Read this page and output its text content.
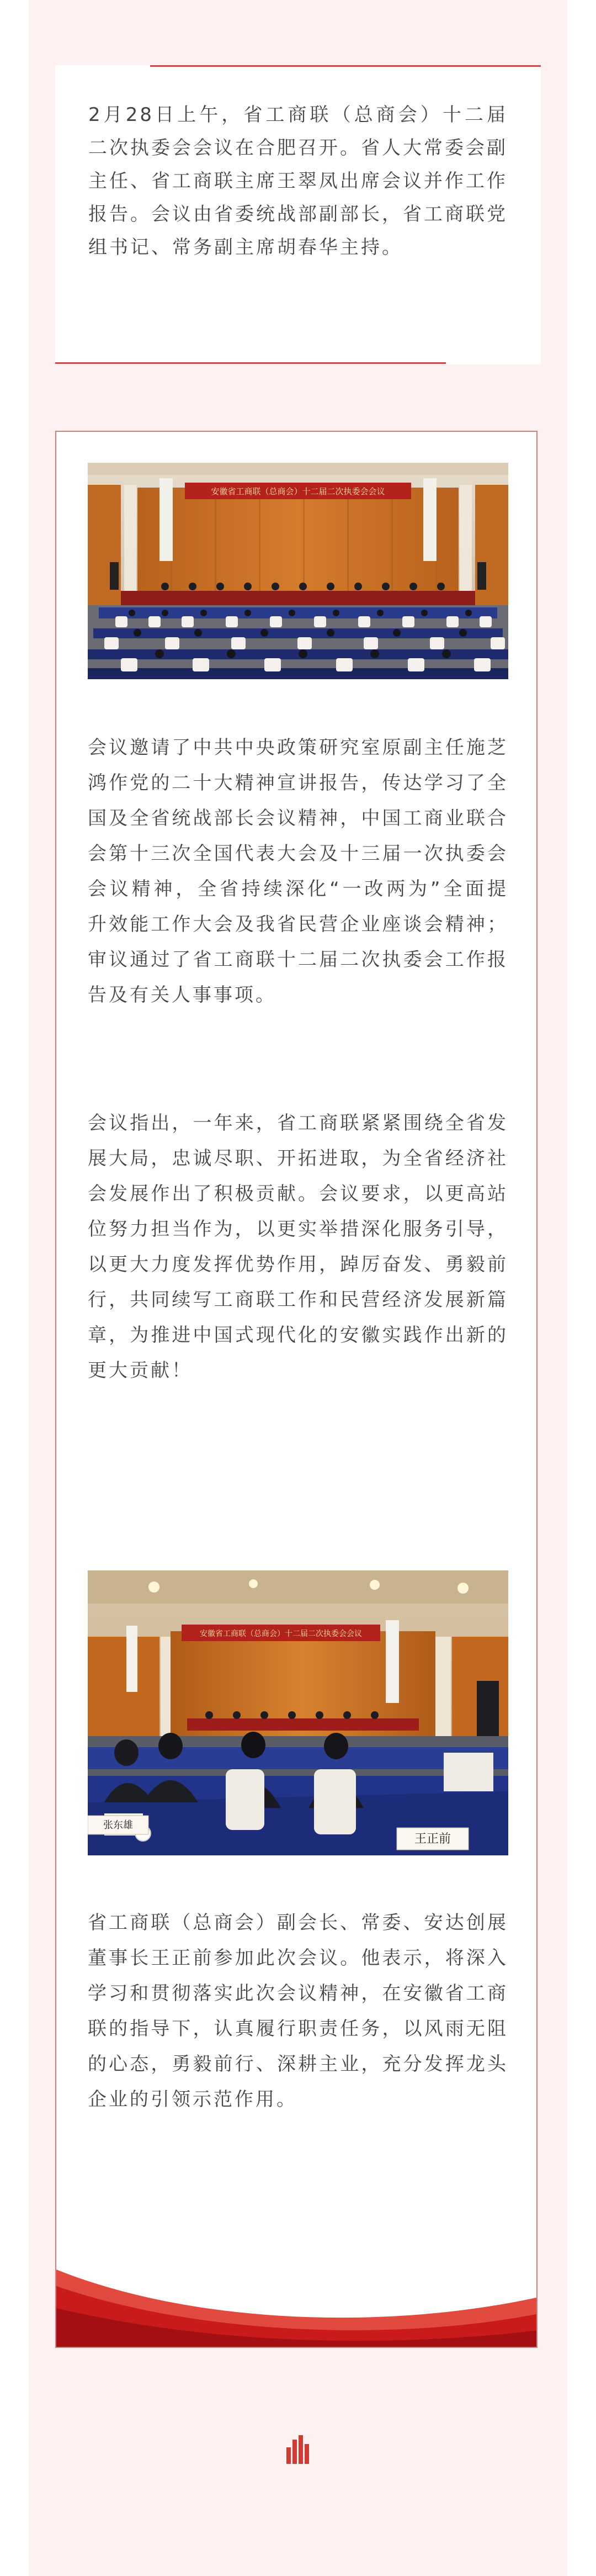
2月28日上午，省工商联（总商会）十二届二次执委会会议在合肥召开。省人大常委会副主任、省工商联主席王翠凤出席会议并作工作报告。会议由省委统战部副部长，省工商联党组书记、常务副主席胡春华主持。
安徽省工商联（总商会）十二届二次执委会会议

会议邀请了中共中央政策研究室原副主任施芝鸿作党的二十大精神宣讲报告，传达学习了全国及全省统战部长会议精神，中国工商业联合会第十三次全国代表大会及十三届一次执委会会议精神，全省持续深化“一改两为”全面提升效能工作大会及我省民营企业座谈会精神；审议通过了省工商联十二届二次执委会工作报告及有关人事事项。

会议指出，一年来，省工商联紧紧围绕全省发展大局，忠诚尽职、开拓进取，为全省经济社会发展作出了积极贡献。会议要求，以更高站位努力担当作为，以更实举措深化服务引导，以更大力度发挥优势作用，踔厉奋发、勇毅前行，共同续写工商联工作和民营经济发展新篇章，为推进中国式现代化的安徽实践作出新的更大贡献！

安徽省工商联（总商会）十二届二次执委会会议
张东雄
王正前

省工商联（总商会）副会长、常委、安达创展董事长王正前参加此次会议。他表示，将深入学习和贯彻落实此次会议精神，在安徽省工商联的指导下，认真履行职责任务，以风雨无阻的心态，勇毅前行、深耕主业，充分发挥龙头企业的引领示范作用。
